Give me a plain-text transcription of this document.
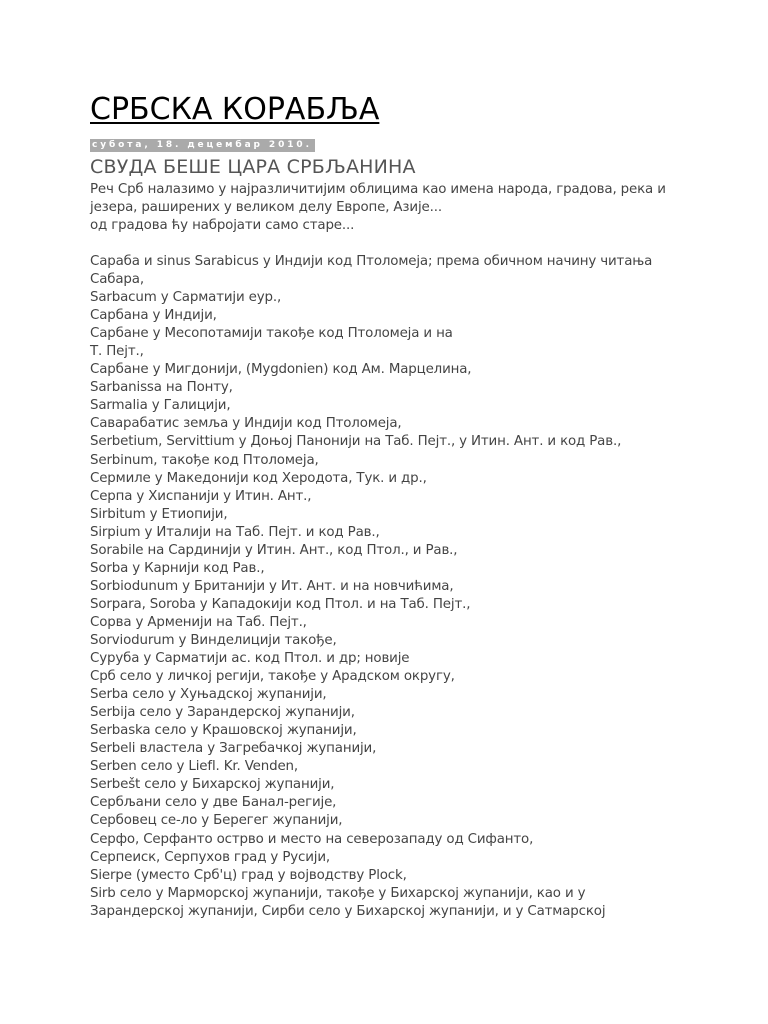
СРБСКА КОРАБЉА
субота, 18. децембар 2010.
СВУДА БЕШЕ ЦАРА СРБЉАНИНА
Реч Срб налазимо у најразличитијим облицима као имена народа, градова, река и
језера, раширених у великом делу Европе, Азије...
од градова ћу набројати само старе...
Сараба и sinus Sarabicus у Индији код Птоломеја; према обичном начину читања
Сабара,
Sarbacum у Сарматији еур.,
Сарбана у Индији,
Сарбане у Месопотамији такође код Птоломеја и на
Т. Пејт.,
Сарбане у Мигдонији, (Mygdonien) код Ам. Марцелина,
Sarbanissa на Понту,
Sarmalia у Галицији,
Саварабатис земља у Индији код Птоломеја,
Serbetium, Servittium у Доњој Панонији на Таб. Пејт., у Итин. Ант. и код Рав.,
Serbinum, такође код Птоломеја,
Сермиле у Македонији код Херодота, Тук. и др.,
Серпа у Хиспанији у Итин. Ант.,
Sirbitum у Етиопији,
Sirpium у Италији на Таб. Пејт. и код Рав.,
Sorabile на Сардинији у Итин. Ант., код Птол., и Рав.,
Sorba у Карнији код Рав.,
Sorbiodunum у Британији у Ит. Ант. и на новчићима,
Sorpara, Soroba у Кападокији код Птол. и на Таб. Пејт.,
Сорва у Арменији на Таб. Пејт.,
Sorviodurum у Винделицији такође,
Суруба у Сарматији ас. код Птол. и др; новије
Срб село у личкој регији, такође у Арадском округу,
Serba село у Хуњадској жупанији,
Serbija село у Зарандерској жупанији,
Serbaska село у Крашовској жупанији,
Serbeli властела у Загребачкој жупанији,
Serben село у Liefl. Kr. Venden,
Serbešt село у Бихарској жупанији,
Сербљани село у две Банал-регије,
Сербовец се-ло у Берегег жупанији,
Серфо, Серфанто острво и место на северозападу од Сифанто,
Серпеиск, Серпухов град у Русији,
Sierpe (уместо Срб'ц) град у војводству Plock,
Sirb село у Марморској жупанији, такође у Бихарској жупанији, као и у
Зарандерској жупанији, Сирби село у Бихарској жупанији, и у Сатмарској
